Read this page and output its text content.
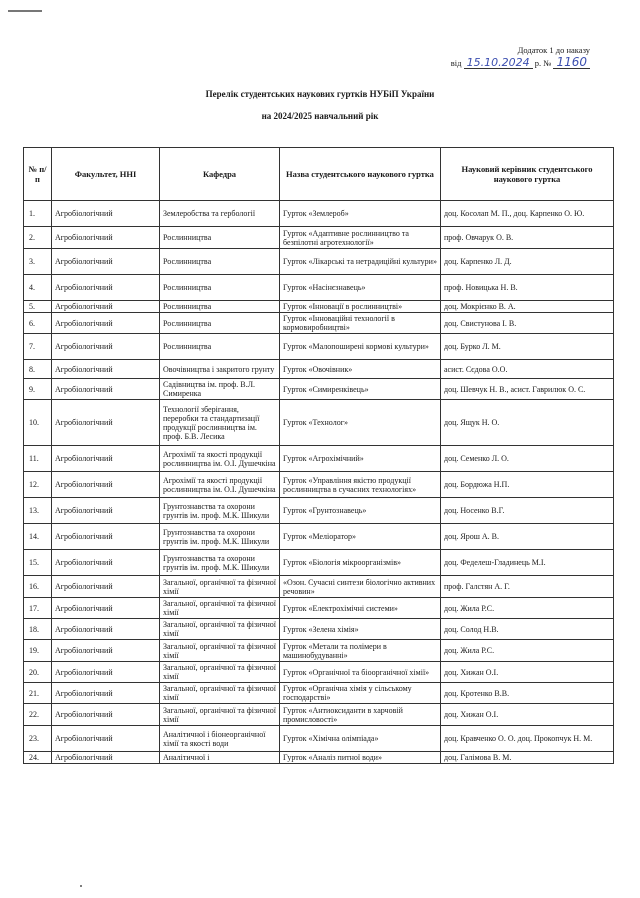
Додаток 1 до наказу
від 15.10.2024 р. № 1160
Перелік студентських наукових гуртків НУБіП України
на 2024/2025 навчальний рік
№ п/п	Факультет, ННІ	Кафедра	Назва студентського наукового гуртка	Науковий керівник студентського наукового гуртка
1.	Агробіологічний	Землеробства та гербології	Гурток «Землероб»	доц. Косолап М. П., доц. Карпенко О. Ю.
2.	Агробіологічний	Рослинництва	Гурток «Адаптивне рослинництво та безпілотні агротехнології»	проф. Овчарук О. В.
3.	Агробіологічний	Рослинництва	Гурток «Лікарські та нетрадиційні культури»	доц. Карпенко Л. Д.
4.	Агробіологічний	Рослинництва	Гурток «Насінєзнавець»	проф. Новицька Н. В.
5.	Агробіологічний	Рослинництва	Гурток «Інновації в рослинництві»	доц. Мокрієнко В. А.
6.	Агробіологічний	Рослинництва	Гурток «Інноваційні технології в кормовиробництві»	доц. Свистунова І. В.
7.	Агробіологічний	Рослинництва	Гурток «Малопоширені кормові культури»	доц. Бурко Л. М.
8.	Агробіологічний	Овочівництва і закритого грунту	Гурток «Овочівник»	асист. Сєдова О.О.
9.	Агробіологічний	Садівництва ім. проф. В.Л. Симиренка	Гурток «Симиренківець»	доц. Шевчук Н. В., асист. Гаврилюк О. С.
10.	Агробіологічний	Технології зберігання, переробки та стандартизації продукції рослинництва ім. проф. Б.В. Лесика	Гурток «Технолог»	доц. Ящук Н. О.
11.	Агробіологічний	Агрохімії та якості продукції рослинництва ім. О.І. Душечкіна	Гурток «Агрохімічний»	доц. Семенко Л. О.
12.	Агробіологічний	Агрохімії та якості продукції рослинництва ім. О.І. Душечкіна	Гурток «Управління якістю продукції рослинництва в сучасних технологіях»	доц. Бордюжа Н.П.
13.	Агробіологічний	Грунтознавства та охорони грунтів ім. проф. М.К. Шикули	Гурток «Грунтознавець»	доц. Носенко В.Г.
14.	Агробіологічний	Грунтознавства та охорони грунтів ім. проф. М.К. Шикули	Гурток «Меліоратор»	доц. Ярош А. В.
15.	Агробіологічний	Грунтознавства та охорони грунтів ім. проф. М.К. Шикули	Гурток «Біологія мікроорганізмів»	доц. Феделеш-Гладинець М.І.
16.	Агробіологічний	Загальної, органічної та фізичної хімії	«Озон. Сучасні синтези біологічно активних речовин»	проф. Галстян А. Г.
17.	Агробіологічний	Загальної, органічної та фізичної хімії	Гурток «Електрохімічні системи»	доц. Жила Р.С.
18.	Агробіологічний	Загальної, органічної та фізичної хімії	Гурток «Зелена хімія»	доц. Солод Н.В.
19.	Агробіологічний	Загальної, органічної та фізичної хімії	Гурток «Метали та полімери в машинобудуванні»	доц. Жила Р.С.
20.	Агробіологічний	Загальної, органічної та фізичної хімії	Гурток «Органічної та біоорганічної хімії»	доц. Хижан О.І.
21.	Агробіологічний	Загальної, органічної та фізичної хімії	Гурток «Органічна хімія у сільському господарстві»	доц. Кротенко В.В.
22.	Агробіологічний	Загальної, органічної та фізичної хімії	Гурток «Антиоксиданти в харчовій промисловості»	доц. Хижан О.І.
23.	Агробіологічний	Аналітичної і біонеорганічної хімії та якості води	Гурток «Хімічна олімпіада»	доц. Кравченко О. О. доц. Прокопчук Н. М.
24.	Агробіологічний	Аналітичної і	Гурток «Аналіз питної води»	доц. Галімова В. М.
